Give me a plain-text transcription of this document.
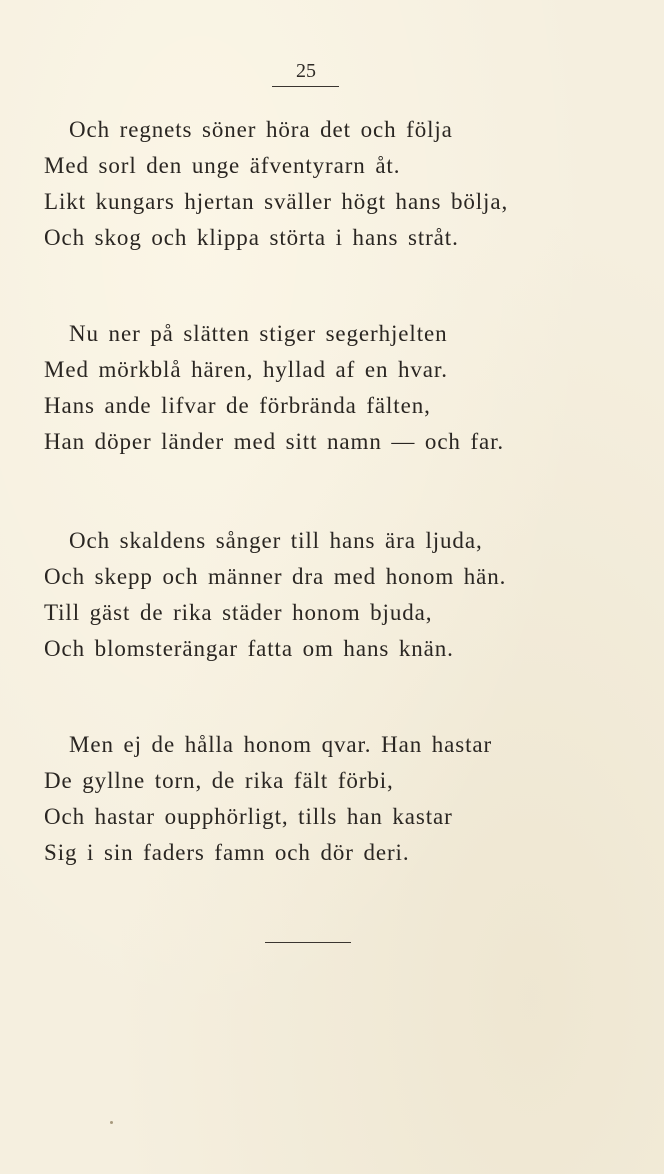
25
Och regnets söner höra det och följa
Med sorl den unge äfventyrarn åt.
Likt kungars hjertan sväller högt hans bölja,
Och skog och klippa störta i hans stråt.
Nu ner på slätten stiger segerhjelten
Med mörkblå hären, hyllad af en hvar.
Hans ande lifvar de förbrända fälten,
Han döper länder med sitt namn — och far.
Och skaldens sånger till hans ära ljuda,
Och skepp och männer dra med honom hän.
Till gäst de rika städer honom bjuda,
Och blomsterängar fatta om hans knän.
Men ej de hålla honom qvar. Han hastar
De gyllne torn, de rika fält förbi,
Och hastar oupphörligt, tills han kastar
Sig i sin faders famn och dör deri.
